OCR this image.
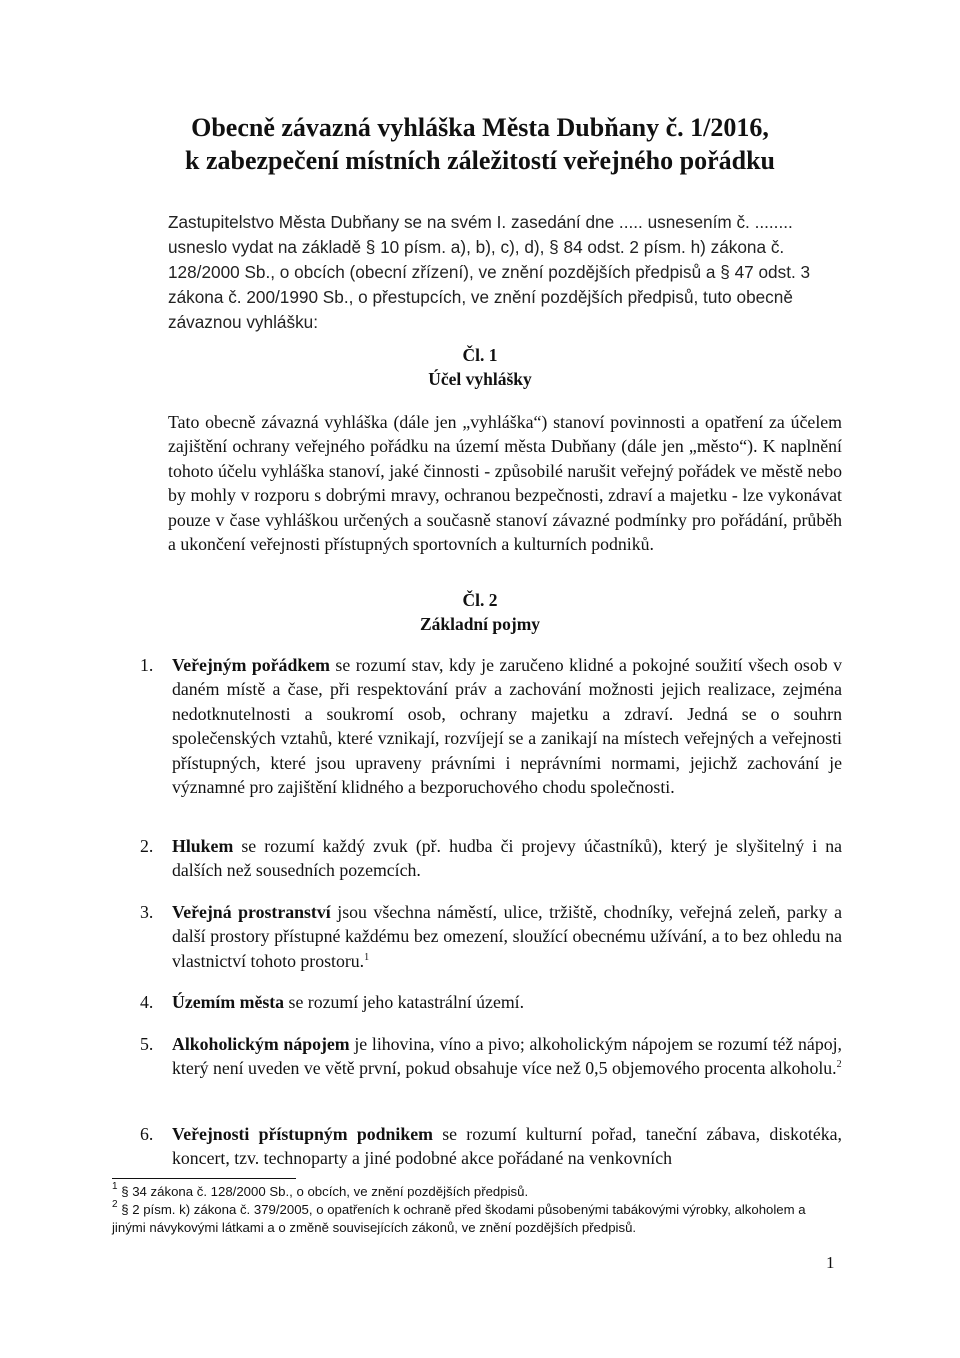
Obecně závazná vyhláška Města Dubňany č. 1/2016,
k zabezpečení místních záležitostí veřejného pořádku
Zastupitelstvo Města Dubňany se na svém I. zasedání dne ..... usnesením č. ........ usneslo vydat na základě § 10 písm. a), b), c), d), § 84 odst. 2 písm. h) zákona č. 128/2000 Sb., o obcích (obecní zřízení), ve znění pozdějších předpisů a § 47 odst. 3 zákona č. 200/1990 Sb., o přestupcích, ve znění pozdějších předpisů, tuto obecně závaznou vyhlášku:
Čl. 1
Účel vyhlášky
Tato obecně závazná vyhláška (dále jen „vyhláška“) stanoví povinnosti a opatření za účelem zajištění ochrany veřejného pořádku na území města Dubňany (dále jen „město“). K naplnění tohoto účelu vyhláška stanoví, jaké činnosti - způsobilé narušit veřejný pořádek ve městě nebo by mohly v rozporu s dobrými mravy, ochranou bezpečnosti, zdraví a majetku - lze vykonávat pouze v čase vyhláškou určených a současně stanoví závazné podmínky pro pořádání, průběh a ukončení veřejnosti přístupných sportovních a kulturních podniků.
Čl. 2
Základní pojmy
1. Veřejným pořádkem se rozumí stav, kdy je zaručeno klidné a pokojné soužití všech osob v daném místě a čase, při respektování práv a zachování možnosti jejich realizace, zejména nedotknutelnosti a soukromí osob, ochrany majetku a zdraví. Jedná se o souhrn společenských vztahů, které vznikají, rozvíjejí se a zanikají na místech veřejných a veřejnosti přístupných, které jsou upraveny právními i neprávními normami, jejichž zachování je významné pro zajištění klidného a bezporuchového chodu společnosti.
2. Hlukem se rozumí každý zvuk (př. hudba či projevy účastníků), který je slyšitelný i na dalších než sousedních pozemcích.
3. Veřejná prostranství jsou všechna náměstí, ulice, tržiště, chodníky, veřejná zeleň, parky a další prostory přístupné každému bez omezení, sloužící obecnému užívání, a to bez ohledu na vlastnictví tohoto prostoru.$^1$
4. Územím města se rozumí jeho katastrální území.
5. Alkoholickým nápojem je lihovina, víno a pivo; alkoholickým nápojem se rozumí též nápoj, který není uveden ve větě první, pokud obsahuje více než 0,5 objemového procenta alkoholu.$^2$
6. Veřejnosti přístupným podnikem se rozumí kulturní pořad, taneční zábava, diskotéka, koncert, tzv. technoparty a jiné podobné akce pořádané na venkovních

$^1$ § 34 zákona č. 128/2000 Sb., o obcích, ve znění pozdějších předpisů.

$^2$ § 2 písm. k) zákona č. 379/2005, o opatřeních k ochraně před škodami působenými tabákovými výrobky, alkoholem a jinými návykovými látkami a o změně souvisejících zákonů, ve znění pozdějších předpisů.

1
